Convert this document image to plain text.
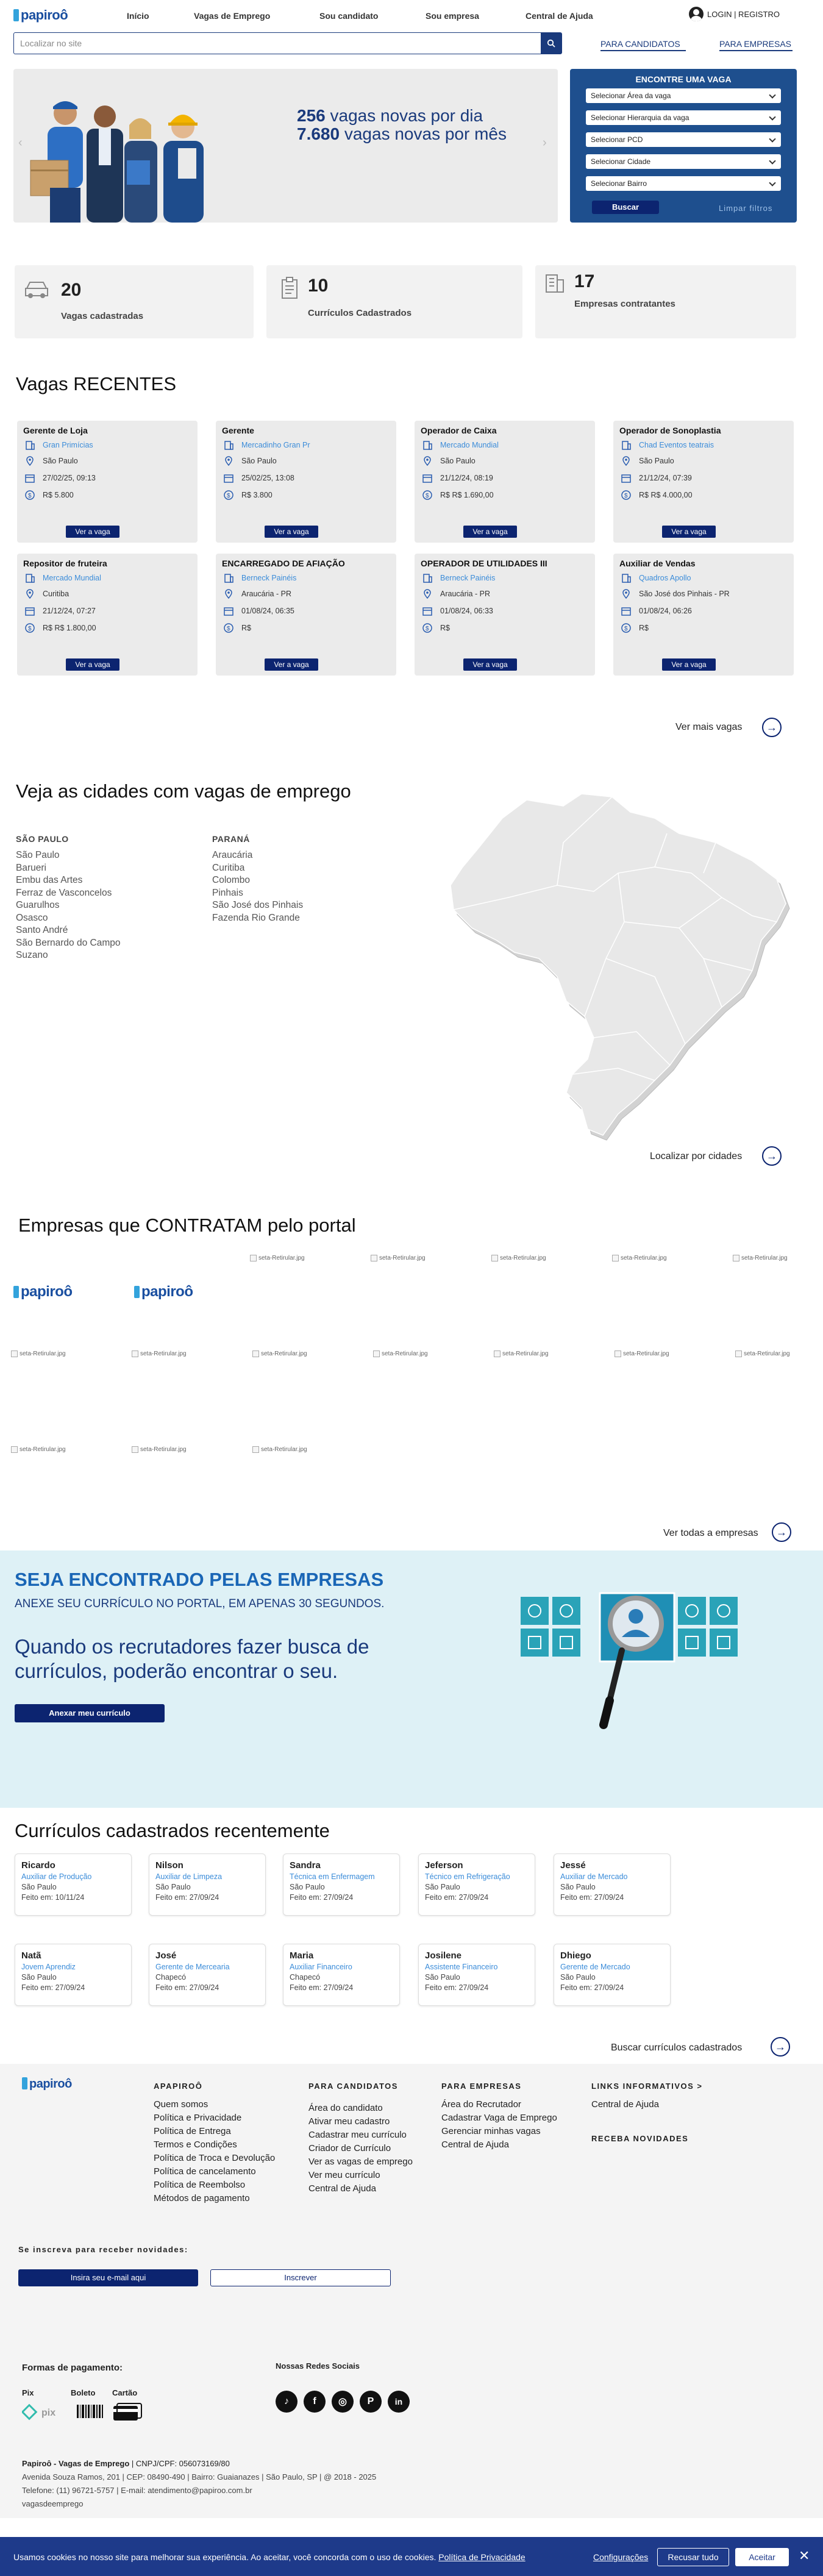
papiroô	Início	Vagas de Emprego	Sou candidato	Sou empresa	Central de Ajuda	LOGIN | REGISTRO
Localizar no site
PARA CANDIDATOS	PARA EMPRESAS
256 vagas novas por dia
7.680 vagas novas por mês
‹	›
ENCONTRE UMA VAGA
Selecionar Área da vaga
Selecionar Hierarquia da vaga
Selecionar PCD
Selecionar Cidade
Selecionar Bairro
Buscar	Limpar filtros
20
Vagas cadastradas
10
Currículos Cadastrados
17
Empresas contratantes
Vagas RECENTES
Gerente de Loja
Gran Primícias
São Paulo
27/02/25, 09:13
$ R$ 5.800
Ver a vaga
Gerente
Mercadinho Gran Pr
São Paulo
25/02/25, 13:08
$ R$ 3.800
Ver a vaga
Operador de Caixa
Mercado Mundial
São Paulo
21/12/24, 08:19
$ R$ R$ 1.690,00
Ver a vaga
Operador de Sonoplastia
Chad Eventos teatrais
São Paulo
21/12/24, 07:39
$ R$ R$ 4.000,00
Ver a vaga
Repositor de fruteira
Mercado Mundial
Curitiba
21/12/24, 07:27
$ R$ R$ 1.800,00
Ver a vaga
ENCARREGADO DE AFIAÇÃO
Berneck Painéis
Araucária - PR
01/08/24, 06:35
$ R$
Ver a vaga
OPERADOR DE UTILIDADES III
Berneck Painéis
Araucária - PR
01/08/24, 06:33
$ R$
Ver a vaga
Auxiliar de Vendas
Quadros Apollo
São José dos Pinhais - PR
01/08/24, 06:26
$ R$
Ver a vaga
Ver mais vagas	→
Veja as cidades com vagas de emprego
SÃO PAULO
São Paulo
Barueri
Embu das Artes
Ferraz de Vasconcelos
Guarulhos
Osasco
Santo André
São Bernardo do Campo
Suzano
PARANÁ
Araucária
Curitiba
Colombo
Pinhais
São José dos Pinhais
Fazenda Rio Grande
Localizar por cidades	→
Empresas que CONTRATAM pelo portal
seta-Retirular.jpg	seta-Retirular.jpg	seta-Retirular.jpg	seta-Retirular.jpg	seta-Retirular.jpg
papiroô	papiroô
seta-Retirular.jpg	seta-Retirular.jpg	seta-Retirular.jpg	seta-Retirular.jpg	seta-Retirular.jpg	seta-Retirular.jpg	seta-Retirular.jpg
seta-Retirular.jpg	seta-Retirular.jpg	seta-Retirular.jpg
Ver todas a empresas	→
SEJA ENCONTRADO PELAS EMPRESAS
ANEXE SEU CURRÍCULO NO PORTAL, EM APENAS 30 SEGUNDOS.
Quando os recrutadores fazer busca de currículos, poderão encontrar o seu.
Anexar meu currículo
Currículos cadastrados recentemente
Ricardo
Auxiliar de Produção
São Paulo
Feito em: 10/11/24
Nilson
Auxiliar de Limpeza
São Paulo
Feito em: 27/09/24
Sandra
Técnica em Enfermagem
São Paulo
Feito em: 27/09/24
Jeferson
Técnico em Refrigeração
São Paulo
Feito em: 27/09/24
Jessé
Auxiliar de Mercado
São Paulo
Feito em: 27/09/24
Natã
Jovem Aprendiz
São Paulo
Feito em: 27/09/24
José
Gerente de Mercearia
Chapecó
Feito em: 27/09/24
Maria
Auxiliar Financeiro
Chapecó
Feito em: 27/09/24
Josilene
Assistente Financeiro
São Paulo
Feito em: 27/09/24
Dhiego
Gerente de Mercado
São Paulo
Feito em: 27/09/24
Buscar currículos cadastrados	→
papiroô	APAPIROÔ
Quem somos
Política e Privacidade
Política de Entrega
Termos e Condições
Política de Troca e Devolução
Política de cancelamento
Política de Reembolso
Métodos de pagamento
PARA CANDIDATOS
Área do candidato
Ativar meu cadastro
Cadastrar meu currículo
Criador de Currículo
Ver as vagas de emprego
Ver meu currículo
Central de Ajuda
PARA EMPRESAS
Área do Recrutador
Cadastrar Vaga de Emprego
Gerenciar minhas vagas
Central de Ajuda
LINKS INFORMATIVOS >
Central de Ajuda
RECEBA NOVIDADES
Se inscreva para receber novidades:
Insira seu e-mail aqui	Inscrever
Formas de pagamento:
Pix	Boleto Cartão
pix
Nossas Redes Sociais
♪	f	◎	P	in
Papiroô - Vagas de Emprego | CNPJ/CPF: 056073169/80
Avenida Souza Ramos, 201 | CEP: 08490-490 | Bairro: Guaianazes | São Paulo, SP | @ 2018 - 2025
Telefone: (11) 96721-5757 | E-mail: atendimento@papiroo.com.br
vagasdeemprego
Usamos cookies no nosso site para melhorar sua experiência. Ao aceitar, você concorda com o uso de cookies. Política de Privacidade	Configurações	Recusar tudo	Aceitar	✕
